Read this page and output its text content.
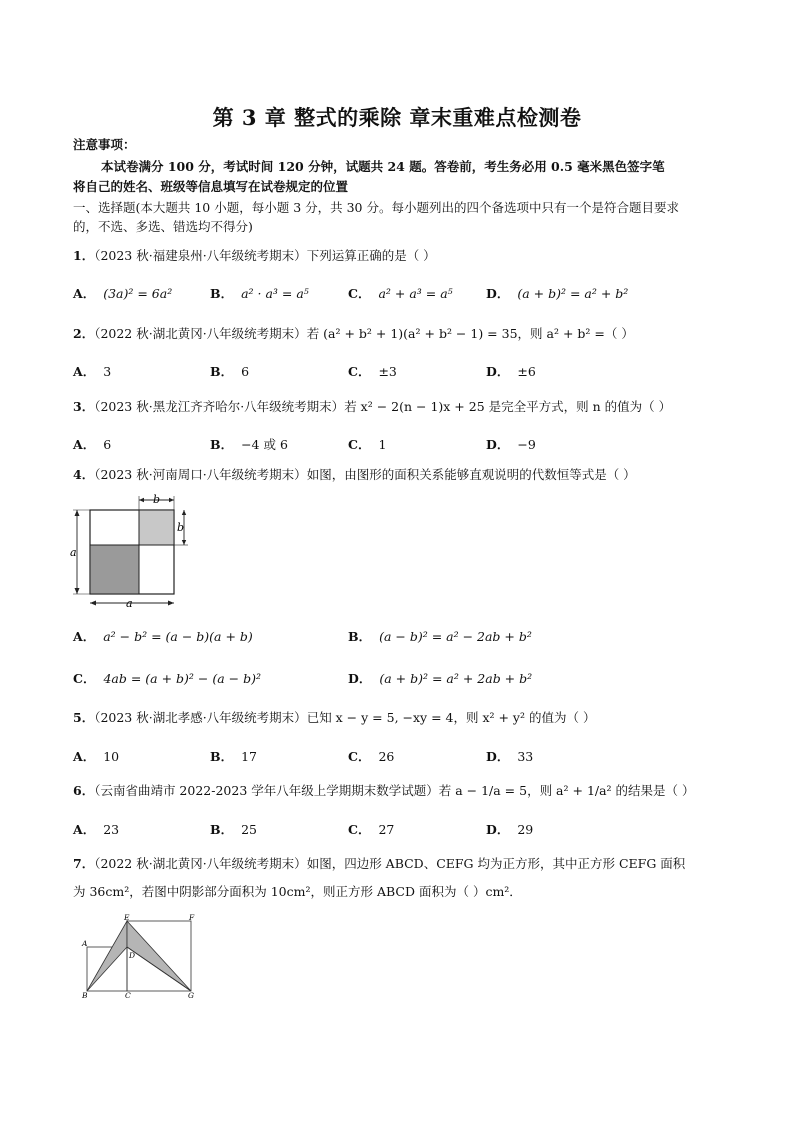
第 3 章 整式的乘除 章末重难点检测卷
注意事项：
本试卷满分 100 分，考试时间 120 分钟，试题共 24 题。答卷前，考生务必用 0.5 毫米黑色签字笔
将自己的姓名、班级等信息填写在试卷规定的位置
一、选择题(本大题共 10 小题，每小题 3 分，共 30 分。每小题列出的四个备选项中只有一个是符合题目要求
的，不选、多选、错选均不得分)
1．（2023 秋·福建泉州·八年级统考期末）下列运算正确的是（ ）
A． (3a)² = 6a²	B． a² · a³ = a⁵	C． a² + a³ = a⁵	D． (a + b)² = a² + b²
2．（2022 秋·湖北黄冈·八年级统考期末）若 (a² + b² + 1)(a² + b² − 1) = 35，则 a² + b² =（ ）
A． 3	B． 6	C． ±3	D． ±6
3．（2023 秋·黑龙江齐齐哈尔·八年级统考期末）若 x² − 2(n − 1)x + 25 是完全平方式，则 n 的值为（ ）
A． 6	B． −4 或 6	C． 1	D． −9
4．（2023 秋·河南周口·八年级统考期末）如图，由图形的面积关系能够直观说明的代数恒等式是（ ）
a
a
b
b
A． a² − b² = (a − b)(a + b)	B． (a − b)² = a² − 2ab + b²
C． 4ab = (a + b)² − (a − b)²	D． (a + b)² = a² + 2ab + b²
5．（2023 秋·湖北孝感·八年级统考期末）已知 x − y = 5, −xy = 4，则 x² + y² 的值为（ ）
A． 10	B． 17	C． 26	D． 33
6．（云南省曲靖市 2022-2023 学年八年级上学期期末数学试题）若 a − 1/a = 5，则 a² + 1/a² 的结果是（ ）
A． 23	B． 25	C． 27	D． 29
7．（2022 秋·湖北黄冈·八年级统考期末）如图，四边形 ABCD、CEFG 均为正方形，其中正方形 CEFG 面积
为 36cm²，若图中阴影部分面积为 10cm²，则正方形 ABCD 面积为（ ）cm²．
A
B	C
D
E	F
G
